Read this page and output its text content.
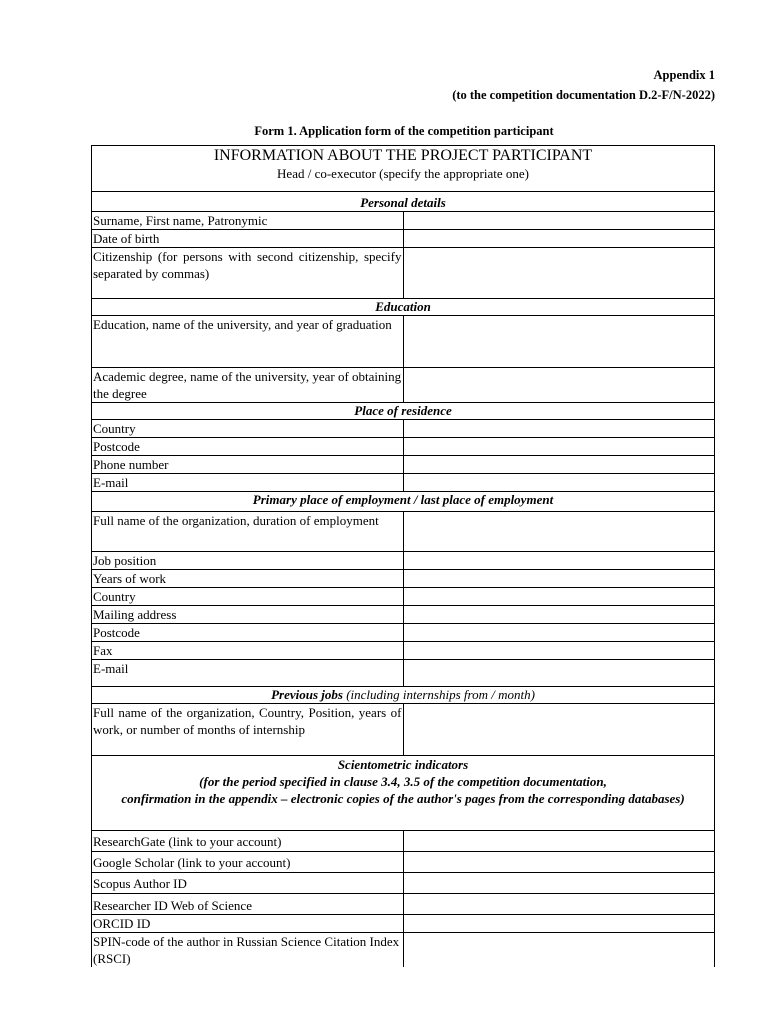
Appendix 1
(to the competition documentation D.2-F/N-2022)
Form 1. Application form of the competition participant
INFORMATION ABOUT THE PROJECT PARTICIPANT
Head / co-executor (specify the appropriate one)	

Personal details	
Surname, First name, Patronymic	
Date of birth	
Citizenship (for persons with second citizenship, specify separated by commas)	
Education	
Education, name of the university, and year of graduation	
Academic degree, name of the university, year of obtaining the degree	
Place of residence	
Country	
Postcode	
Phone number	
E-mail	
Primary place of employment / last place of employment	
Full name of the organization, duration of employment	
Job position	
Years of work	
Country	
Mailing address	
Postcode	
Fax	
E-mail	
Previous jobs (including internships from / month)	
Full name of the organization, Country, Position, years of work, or number of months of internship	

Scientometric indicators
(for the period specified in clause 3.4, 3.5 of the competition documentation,
confirmation in the appendix – electronic copies of the author's pages from the corresponding databases)	

ResearchGate (link to your account)	
Google Scholar (link to your account)	
Scopus Author ID	
Researcher ID Web of Science	
ORCID ID	
SPIN-code of the author in Russian Science Citation Index (RSCI)	
